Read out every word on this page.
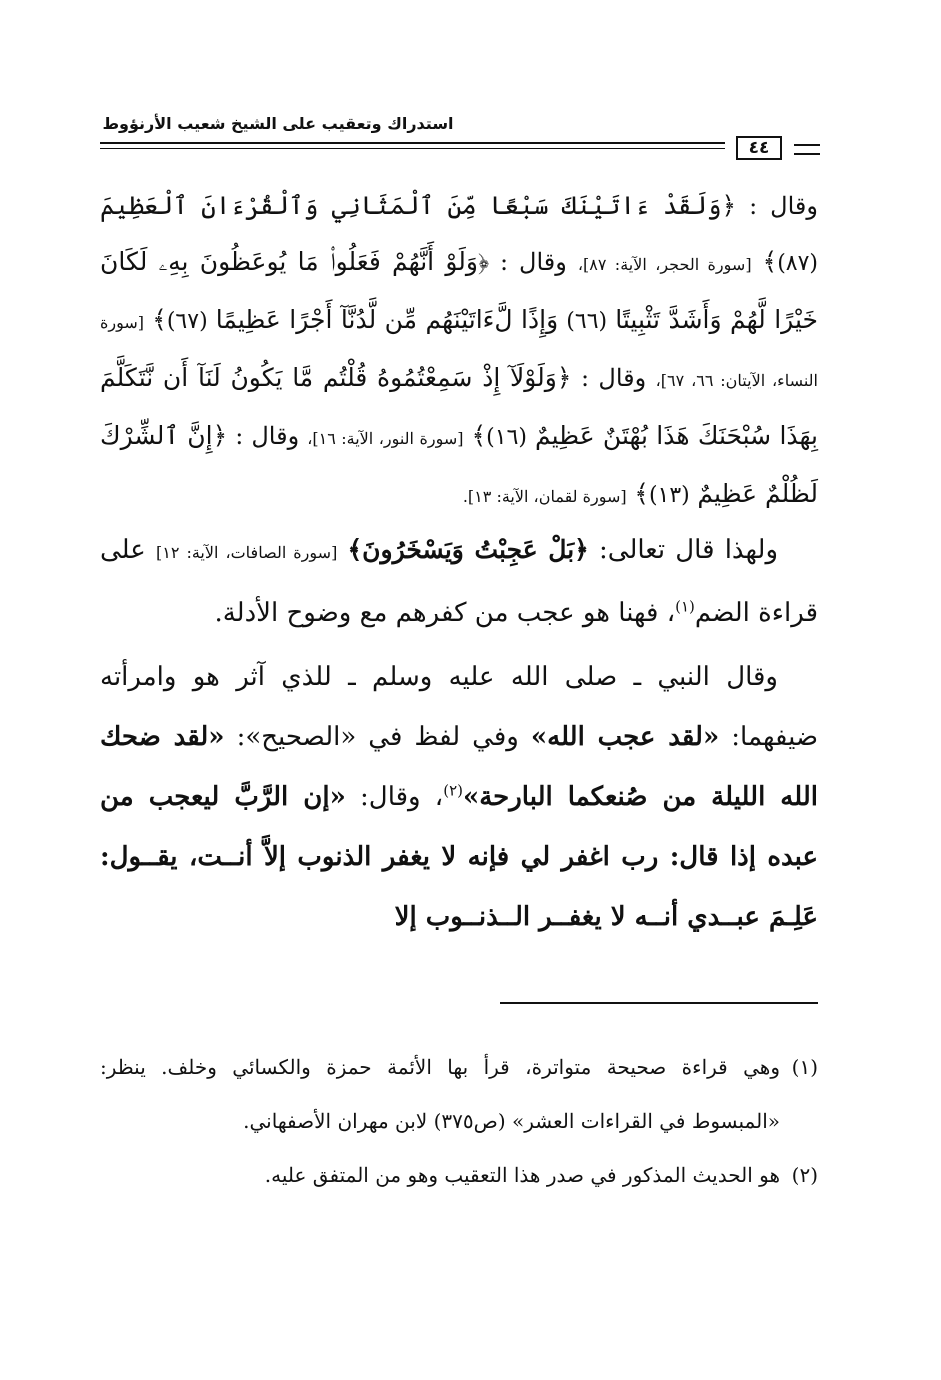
استدراك وتعقيب على الشيخ شعيب الأرنؤوط
٤٤
وقال : ﴿وَلَقَدْ ءَاتَيْنَكَ سَبْعًا مِّنَ ٱلْمَثَانِي وَٱلْقُرْءَانَ ٱلْعَظِيمَ (٨٧)﴾ [سورة الحجر، الآية: ٨٧]، وقال : ﴿وَلَوْ أَنَّهُمْ فَعَلُوا۟ مَا يُوعَظُونَ بِهِۦ لَكَانَ خَيْرًا لَّهُمْ وَأَشَدَّ تَثْبِيتًا (٦٦) وَإِذًا لَّءَاتَيْنَهُم مِّن لَّدُنَّآ أَجْرًا عَظِيمًا (٦٧)﴾ [سورة النساء، الآيتان: ٦٦، ٦٧]، وقال : ﴿وَلَوْلَآ إِذْ سَمِعْتُمُوهُ قُلْتُم مَّا يَكُونُ لَنَآ أَن نَّتَكَلَّمَ بِهَذَا سُبْحَنَكَ هَذَا بُهْتَنٌ عَظِيمٌ (١٦)﴾ [سورة النور، الآية: ١٦]، وقال : ﴿إِنَّ ٱلشِّرْكَ لَظُلْمٌ عَظِيمٌ (١٣)﴾ [سورة لقمان، الآية: ١٣].

ولهذا قال تعالى: ﴿بَلْ عَجِبْتُ وَيَسْخَرُونَ﴾ [سورة الصافات، الآية: ١٢] على قراءة الضم$^{(١)}$، فهنا هو عجب من كفرهم مع وضوح الأدلة.

وقال النبي ـ صلى الله عليه وسلم ـ للذي آثر هو وامرأته ضيفهما: «لقد عجب الله» وفي لفظ في «الصحيح»: «لقد ضحك الله الليلة من صُنعكما البارحة»$^{(٢)}$، وقال: «إن الرَّبَّ ليعجب من عبده إذا قال: رب اغفر لي فإنه لا يغفر الذنوب إلاَّ أنــت، يقــول: عَلِـمَ عبــدي أنــه لا يغفــر الــذنــوب إلا

(١)
وهي قراءة صحيحة متواترة، قرأ بها الأئمة حمزة والكسائي وخلف. ينظر: «المبسوط في القراءات العشر» (ص٣٧٥) لابن مهران الأصفهاني.
(٢)
هو الحديث المذكور في صدر هذا التعقيب وهو من المتفق عليه.
